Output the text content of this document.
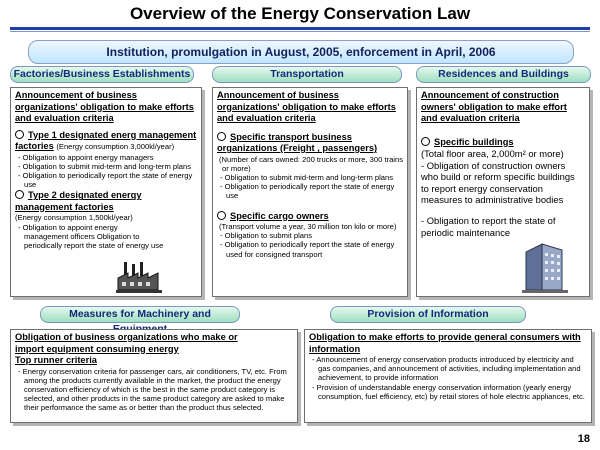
Overview of the Energy Conservation Law
Institution, promulgation in August, 2005, enforcement in April, 2006
Factories/Business Establishments	Transportation	Residences and Buildings

Announcement of business organizations' obligation to make efforts and evaluation criteria

Type 1 designated energ management factories (Energy consumption 3,000kl/year)
- Obligation to appoint energy managers
- Obligation to submit mid-term and long-term plans
- Obligation to periodically report the state of energy use
Type 2 designated energy management factories
(Energy consumption 1,500kl/year)
- Obligation to appoint energy management officers Obligation to periodically report the state of energy use

Announcement of business organizations' obligation to make efforts and evaluation criteria

Specific transport business organizations (Freight , passengers)
(Number of cars owned: 200 trucks or more, 300 trains or more)
- Obligation to submit mid-term and long-term plans
- Obligation to periodically report the state of energy use
Specific cargo owners
(Transport volume a year, 30 million ton kilo or more)
- Obligation to submit plans
- Obligation to periodically report the state of energy used for consigned transport

Announcement of construction owners' obligation to make effort and evaluation criteria

Specific buildings
(Total floor area, 2,000m² or more)
- Obligation of construction owners who build or reform specific buildings to report energy conservation measures to administrative bodies
- Obligation to report the state of periodic maintenance
Measures for Machinery and	Provision of Information
Obligation of business organizations who make or import equipment consuming energy
Top runner criteria
- Energy conservation criteria for passenger cars, air conditioners, TV, etc. From among the products currently available in the market, the product the energy conservation efficiency of which is the best in the same product category is selected, and other products in the same product category are asked to make their performance the same as or better than the product thus selected.
Obligation to make efforts to provide general consumers with information
- Announcement of energy conservation products introduced by electricity and gas companies, and announcement of activities, including implementation and achievement, to provide information
- Provision of understandable energy conservation information (yearly energy consumption, fuel efficiency, etc) by retail stores of hole electric appliances, etc.
18
